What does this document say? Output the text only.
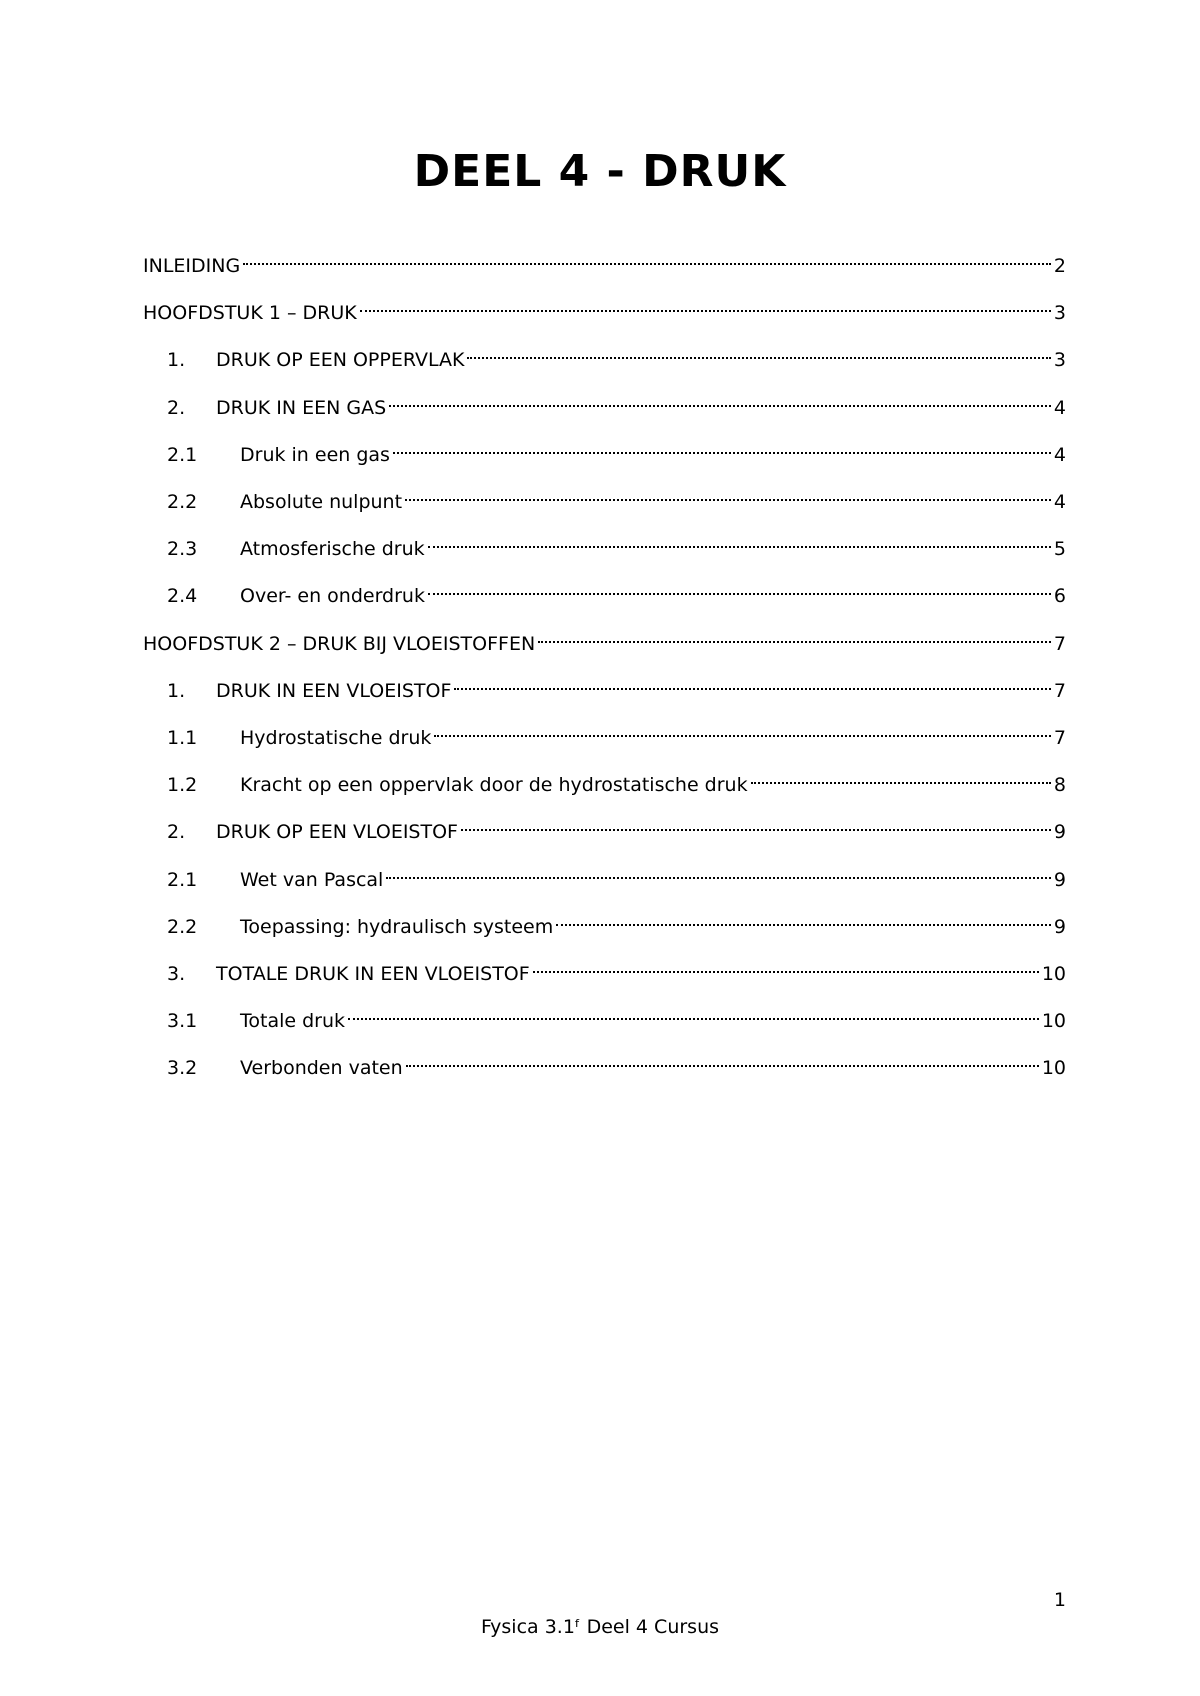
DEEL 4 - DRUK
INLEIDING	2
HOOFDSTUK 1 – DRUK	3
1.	DRUK OP EEN OPPERVLAK	3
2.	DRUK IN EEN GAS	4
2.1	Druk in een gas	4
2.2	Absolute nulpunt	4
2.3	Atmosferische druk	5
2.4	Over- en onderdruk	6
HOOFDSTUK 2 – DRUK BIJ VLOEISTOFFEN	7
1.	DRUK IN EEN VLOEISTOF	7
1.1	Hydrostatische druk	7
1.2	Kracht op een oppervlak door de hydrostatische druk	8
2.	DRUK OP EEN VLOEISTOF	9
2.1	Wet van Pascal	9
2.2	Toepassing: hydraulisch systeem	9
3.	TOTALE DRUK IN EEN VLOEISTOF	10
3.1	Totale druk	10
3.2	Verbonden vaten	10
1
Fysica 3.1ᶠ Deel 4 Cursus
